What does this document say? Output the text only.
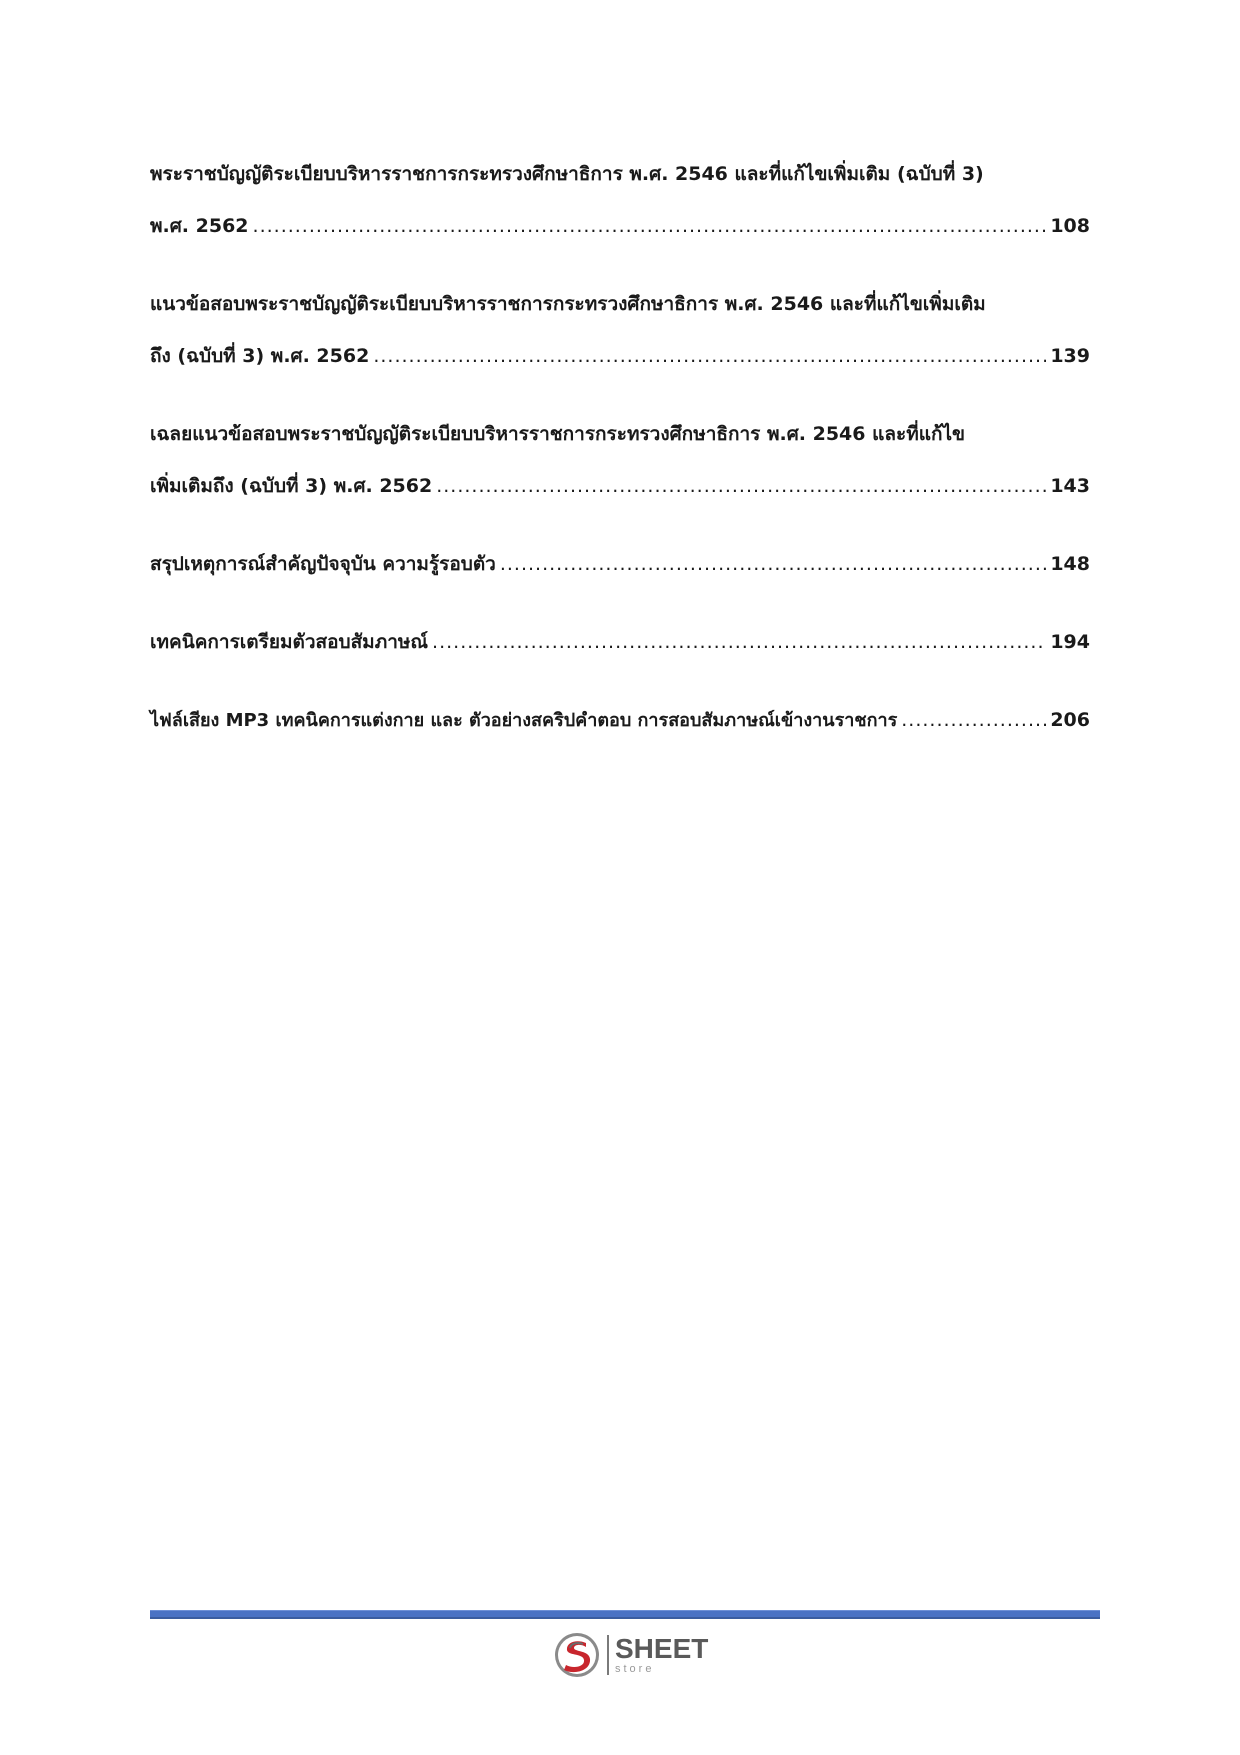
พระราชบัญญัติระเบียบบริหารราชการกระทรวงศึกษาธิการ พ.ศ. 2546 และที่แก้ไขเพิ่มเติม (ฉบับที่ 3)
พ.ศ. 2562 .....	108
แนวข้อสอบพระราชบัญญัติระเบียบบริหารราชการกระทรวงศึกษาธิการ พ.ศ. 2546 และที่แก้ไขเพิ่มเติม
ถึง (ฉบับที่ 3) พ.ศ. 2562 .....	139
เฉลยแนวข้อสอบพระราชบัญญัติระเบียบบริหารราชการกระทรวงศึกษาธิการ พ.ศ. 2546 และที่แก้ไข
เพิ่มเติมถึง (ฉบับที่ 3) พ.ศ. 2562 .....	143
สรุปเหตุการณ์สำคัญปัจจุบัน ความรู้รอบตัว .....	148
เทคนิคการเตรียมตัวสอบสัมภาษณ์ .....	194
ไฟล์เสียง MP3 เทคนิคการแต่งกาย และ ตัวอย่างสคริปคำตอบ การสอบสัมภาษณ์เข้างานราชการ .....	206
SHEET
store
